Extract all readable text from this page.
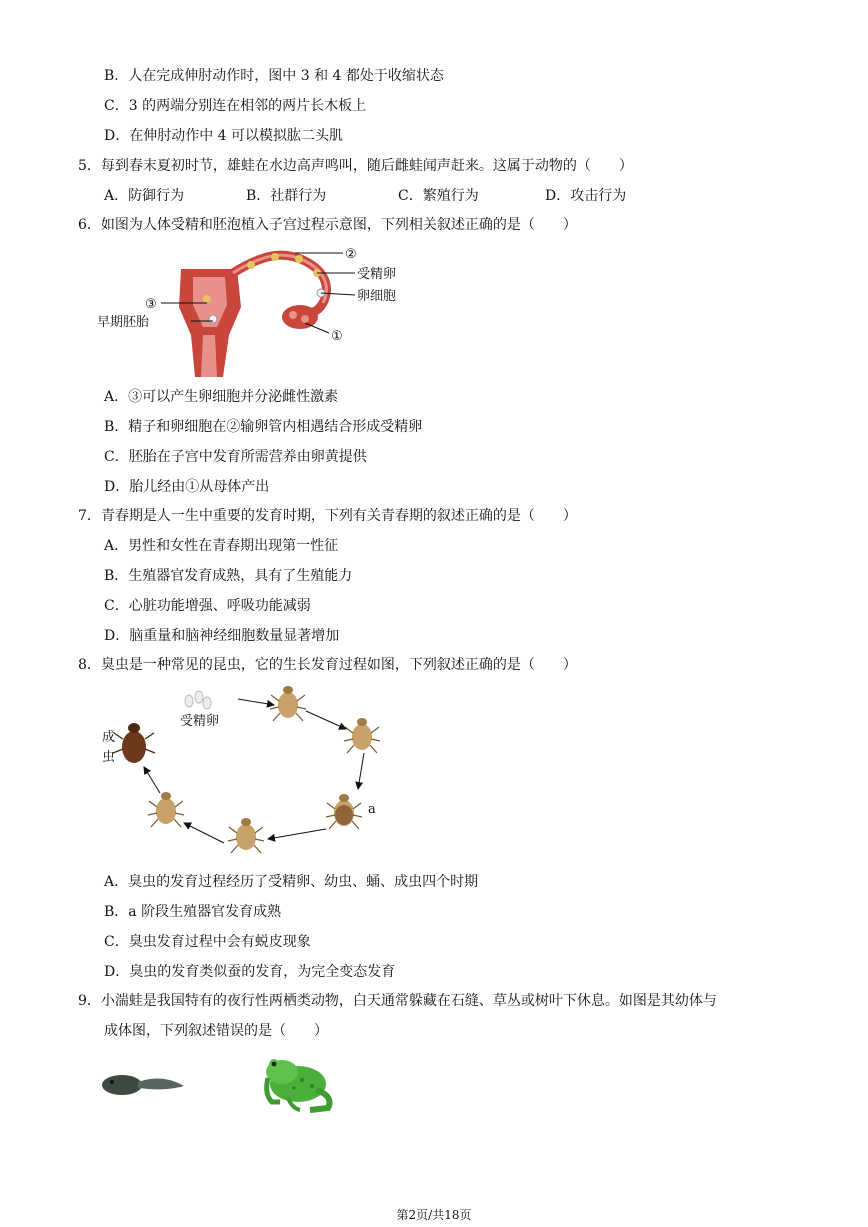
B．人在完成伸肘动作时，图中 3 和 4 都处于收缩状态
C．3 的两端分别连在相邻的两片长木板上
D．在伸肘动作中 4 可以模拟肱二头肌
5．每到春末夏初时节，雄蛙在水边高声鸣叫，随后雌蛙闻声赶来。这属于动物的（　　）
A．防御行为	B．社群行为	C．繁殖行为	D．攻击行为
6．如图为人体受精和胚泡植入子宫过程示意图，下列相关叙述正确的是（　　）
②
受精卵
卵细胞
③
早期胚胎
①
A．③可以产生卵细胞并分泌雌性激素
B．精子和卵细胞在②输卵管内相遇结合形成受精卵
C．胚胎在子宫中发育所需营养由卵黄提供
D．胎儿经由①从母体产出
7．青春期是人一生中重要的发育时期，下列有关青春期的叙述正确的是（　　）
A．男性和女性在青春期出现第一性征
B．生殖器官发育成熟，具有了生殖能力
C．心脏功能增强、呼吸功能减弱
D．脑重量和脑神经细胞数量显著增加
8．臭虫是一种常见的昆虫，它的生长发育过程如图，下列叙述正确的是（　　）
受精卵
a
成
虫
A．臭虫的发育过程经历了受精卵、幼虫、蛹、成虫四个时期
B．a 阶段生殖器官发育成熟
C．臭虫发育过程中会有蜕皮现象
D．臭虫的发育类似蚕的发育，为完全变态发育
9．小湍蛙是我国特有的夜行性两栖类动物，白天通常躲藏在石缝、草丛或树叶下休息。如图是其幼体与
成体图，下列叙述错误的是（　　）
第2页/共18页
